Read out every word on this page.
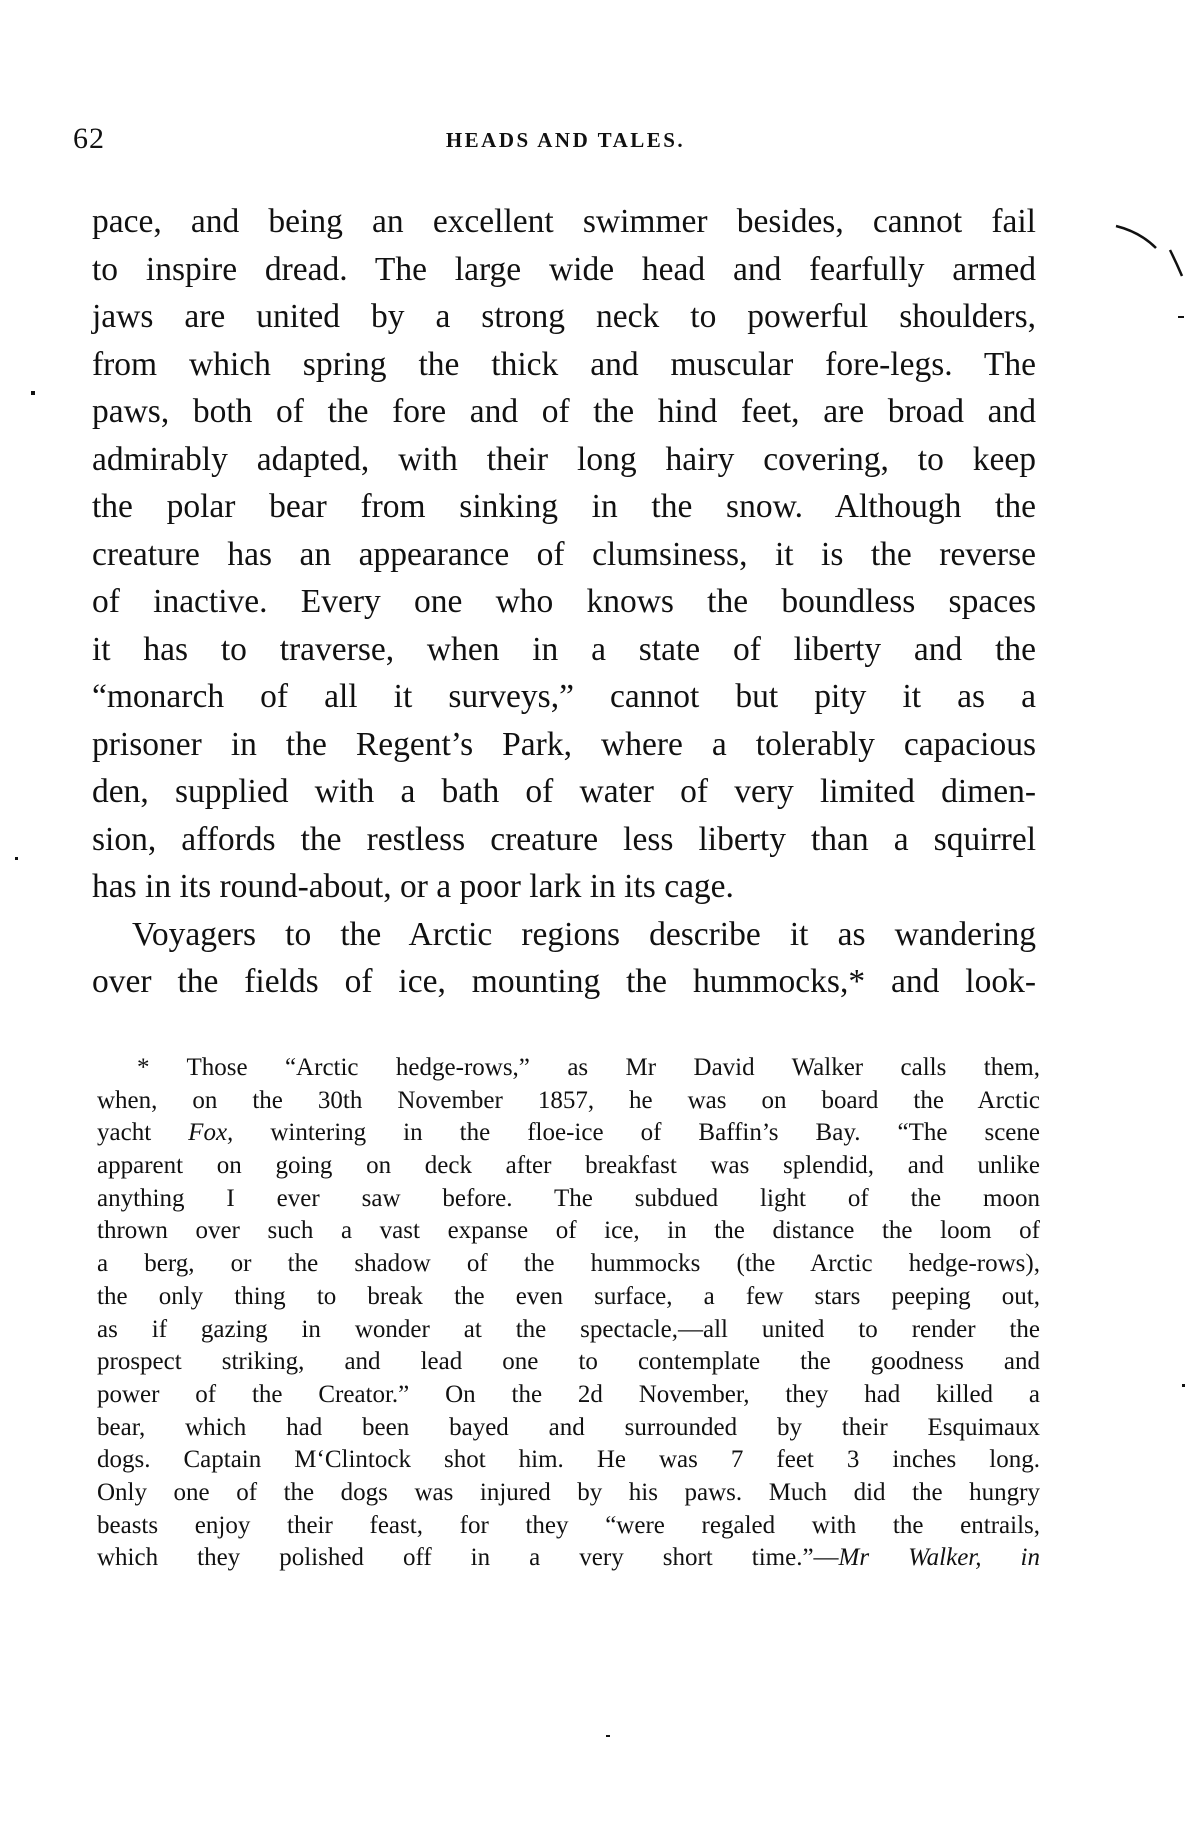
62	HEADS AND TALES.
pace, and being an excellent swimmer besides, cannot fail
to inspire dread. The large wide head and fearfully armed
jaws are united by a strong neck to powerful shoulders,
from which spring the thick and muscular fore-legs. The
paws, both of the fore and of the hind feet, are broad and
admirably adapted, with their long hairy covering, to keep
the polar bear from sinking in the snow. Although the
creature has an appearance of clumsiness, it is the reverse
of inactive. Every one who knows the boundless spaces
it has to traverse, when in a state of liberty and the
“monarch of all it surveys,” cannot but pity it as a
prisoner in the Regent’s Park, where a tolerably capacious
den, supplied with a bath of water of very limited dimen-
sion, affords the restless creature less liberty than a squirrel
has in its round-about, or a poor lark in its cage.
Voyagers to the Arctic regions describe it as wandering
over the fields of ice, mounting the hummocks,* and look-
* Those “Arctic hedge-rows,” as Mr David Walker calls them,
when, on the 30th November 1857, he was on board the Arctic
yacht Fox, wintering in the floe-ice of Baffin’s Bay. “The scene
apparent on going on deck after breakfast was splendid, and unlike
anything I ever saw before. The subdued light of the moon
thrown over such a vast expanse of ice, in the distance the loom of
a berg, or the shadow of the hummocks (the Arctic hedge-rows),
the only thing to break the even surface, a few stars peeping out,
as if gazing in wonder at the spectacle,—all united to render the
prospect striking, and lead one to contemplate the goodness and
power of the Creator.” On the 2d November, they had killed a
bear, which had been bayed and surrounded by their Esquimaux
dogs. Captain M‘Clintock shot him. He was 7 feet 3 inches long.
Only one of the dogs was injured by his paws. Much did the hungry
beasts enjoy their feast, for they “were regaled with the entrails,
which they polished off in a very short time.”—Mr Walker, in
